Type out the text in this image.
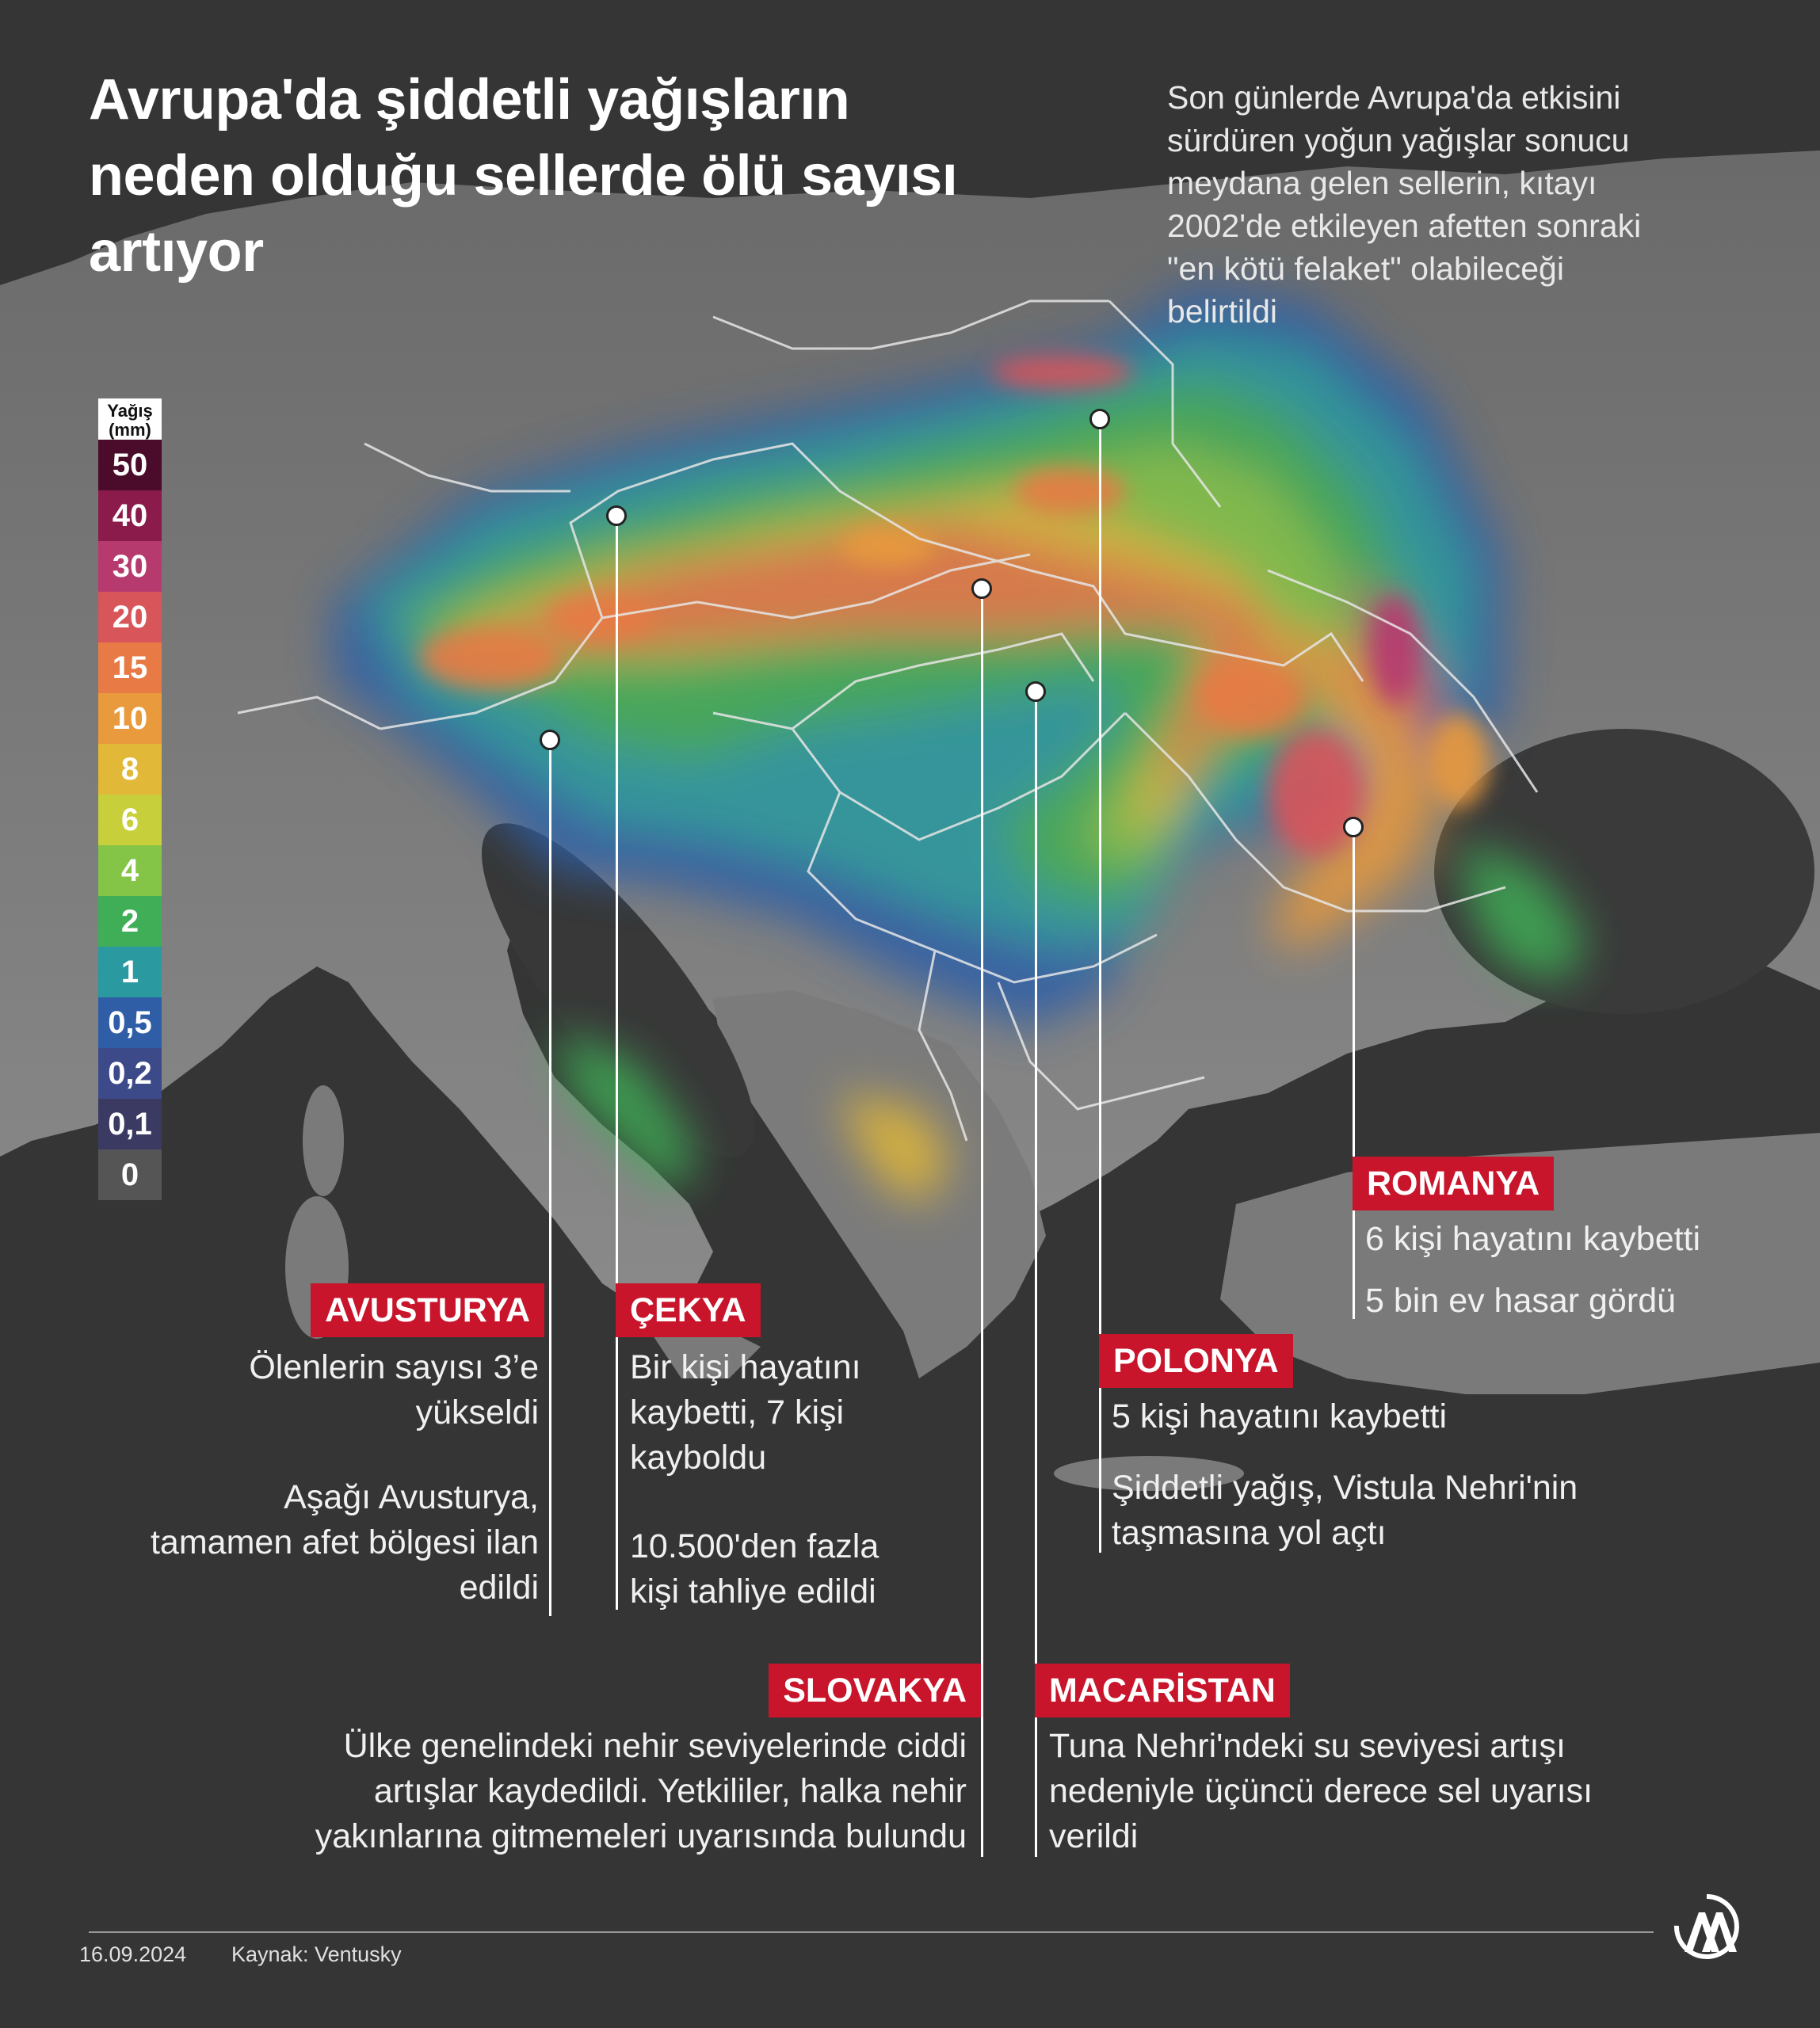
Avrupa'da şiddetli yağışların
neden olduğu sellerde ölü sayısı
artıyor
Son günlerde Avrupa'da etkisini
sürdüren yoğun yağışlar sonucu
meydana gelen sellerin, kıtayı
2002'de etkileyen afetten sonraki
"en kötü felaket" olabileceği
belirtildi
Yağış
(mm)
50
40
30
20
15
10
8
6
4
2
1
0,5
0,2
0,1
0
AVUSTURYA
Ölenlerin sayısı 3’e
yükseldi
Aşağı Avusturya,
tamamen afet bölgesi ilan
edildi
ÇEKYA
Bir kişi hayatını
kaybetti, 7 kişi
kayboldu
10.500'den fazla
kişi tahliye edildi
POLONYA
5 kişi hayatını kaybetti
Şiddetli yağış, Vistula Nehri'nin
taşmasına yol açtı
ROMANYA
6 kişi hayatını kaybetti
5 bin ev hasar gördü
SLOVAKYA
Ülke genelindeki nehir seviyelerinde ciddi
artışlar kaydedildi. Yetkililer, halka nehir
yakınlarına gitmemeleri uyarısında bulundu
MACARİSTAN
Tuna Nehri'ndeki su seviyesi artışı
nedeniyle üçüncü derece sel uyarısı
verildi
16.09.2024 Kaynak: Ventusky
